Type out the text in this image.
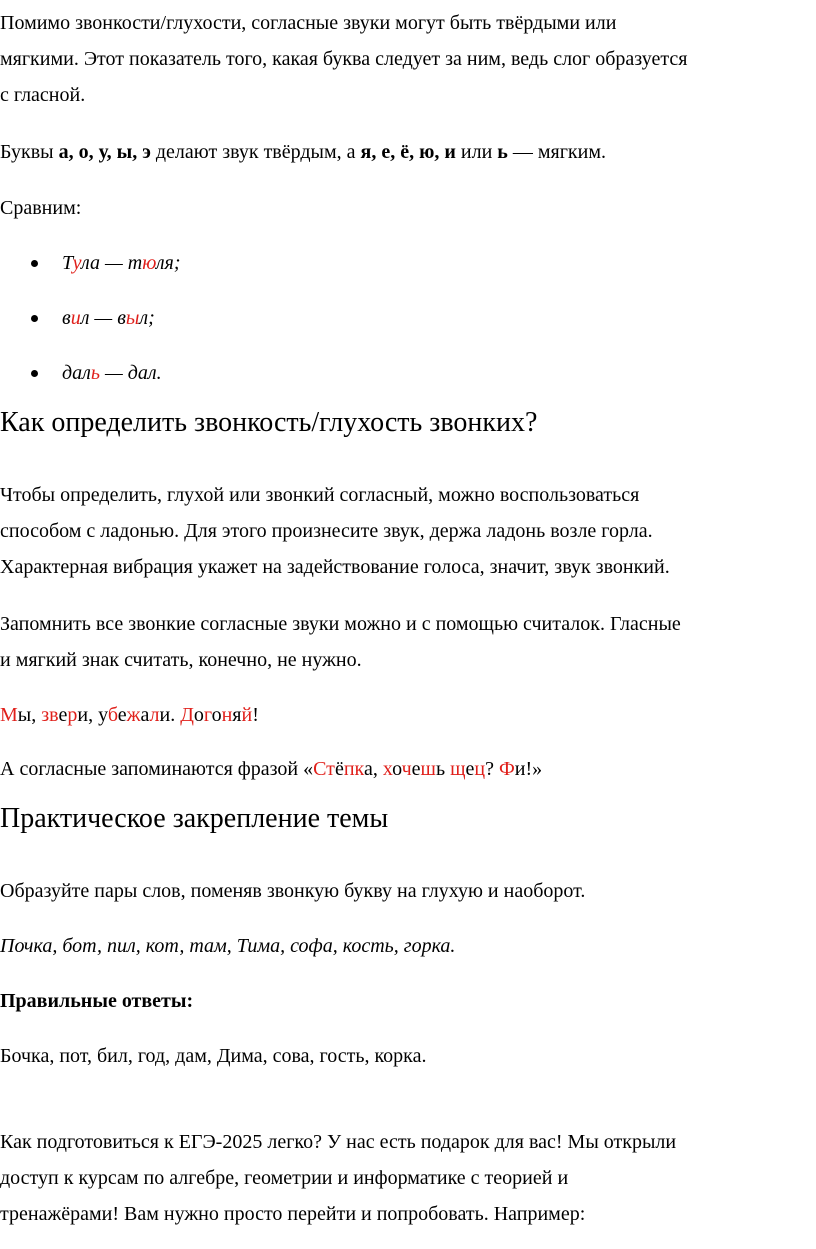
Помимо звонкости/глухости, согласные звуки могут быть твёрдыми или
мягкими. Этот показатель того, какая буква следует за ним, ведь слог образуется
с гласной.
Буквы а, о, у, ы, э делают звук твёрдым, а я, е, ё, ю, и или ь — мягким.
Сравним:
Тула — тюля;
вил — выл;
даль — дал.
Как определить звонкость/глухость звонких?
Чтобы определить, глухой или звонкий согласный, можно воспользоваться
способом с ладонью. Для этого произнесите звук, держа ладонь возле горла.
Характерная вибрация укажет на задействование голоса, значит, звук звонкий.
Запомнить все звонкие согласные звуки можно и с помощью считалок. Гласные
и мягкий знак считать, конечно, не нужно.
Мы, звери, убежали. Догоняй!
А согласные запоминаются фразой «Стёпка, хочешь щец? Фи!»
Практическое закрепление темы
Образуйте пары слов, поменяв звонкую букву на глухую и наоборот.
Почка, бот, пил, кот, там, Тима, софа, кость, горка.
Правильные ответы:
Бочка, пот, бил, год, дам, Дима, сова, гость, корка.
Как подготовиться к ЕГЭ-2025 легко? У нас есть подарок для вас! Мы открыли
доступ к курсам по алгебре, геометрии и информатике с теорией и
тренажёрами! Вам нужно просто перейти и попробовать. Например:
